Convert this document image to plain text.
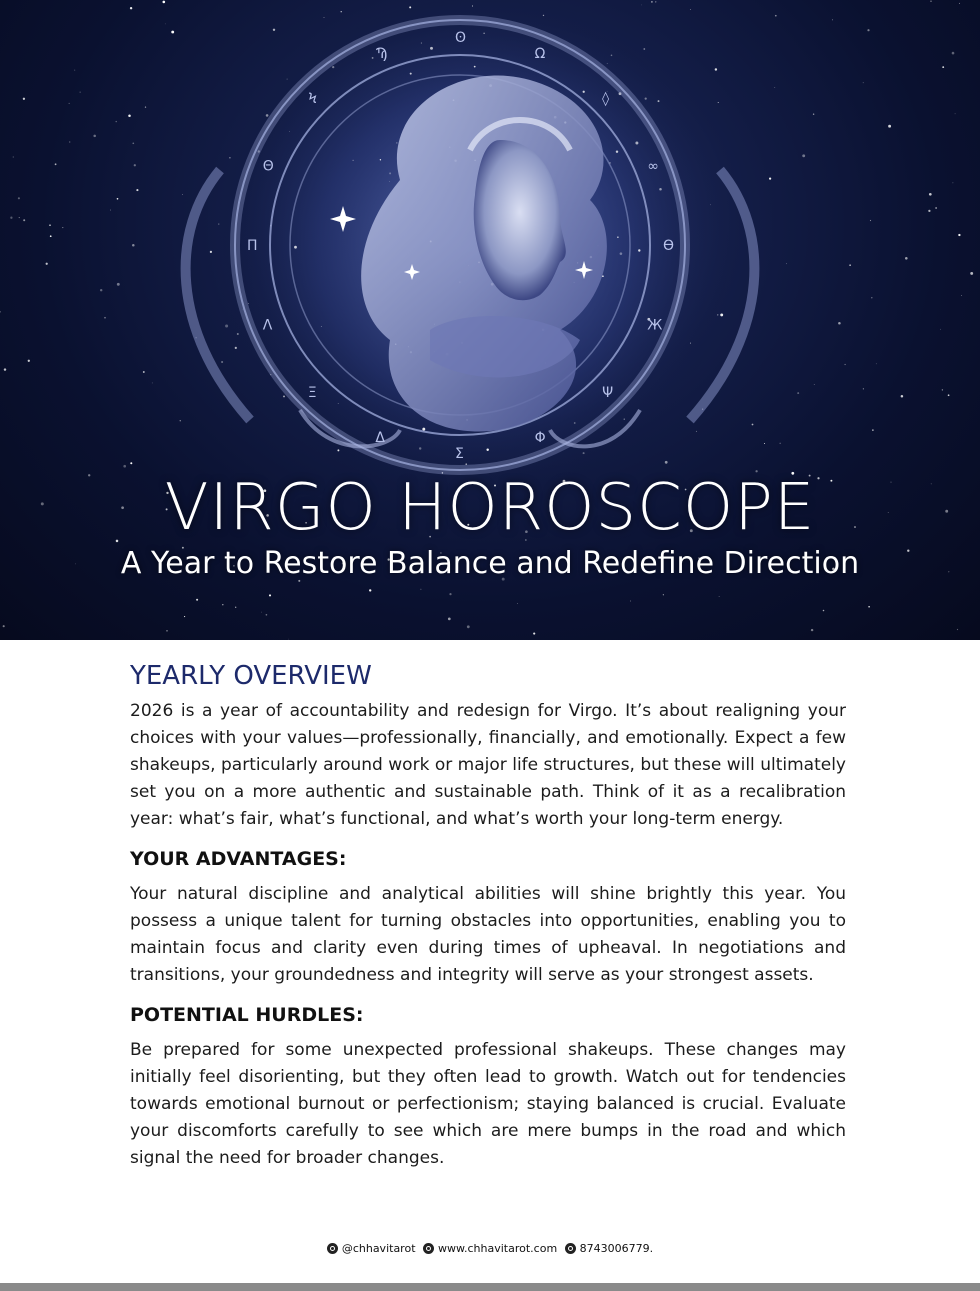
ʘ
Ω
◊
∞
ϴ
Ж
Ψ
Φ
Σ
Δ
Ξ
Λ
Π
Θ
Ϟ
Ϡ
VIRGO HOROSCOPE
A Year to Restore Balance and Redefine Direction
YEARLY OVERVIEW

2026 is a year of accountability and redesign for Virgo. It’s about realigning your choices with your values—professionally, financially, and emotionally. Expect a few shakeups, particularly around work or major life structures, but these will ultimately set you on a more authentic and sustainable path. Think of it as a recalibration year: what’s fair, what’s functional, and what’s worth your long-term energy.

YOUR ADVANTAGES:

Your natural discipline and analytical abilities will shine brightly this year. You possess a unique talent for turning obstacles into opportunities, enabling you to maintain focus and clarity even during times of upheaval. In negotiations and transitions, your groundedness and integrity will serve as your strongest assets.

POTENTIAL HURDLES:

Be prepared for some unexpected professional shakeups. These changes may initially feel disorienting, but they often lead to growth. Watch out for tendencies towards emotional burnout or perfectionism; staying balanced is crucial. Evaluate your discomforts carefully to see which are mere bumps in the road and which signal the need for broader changes.

@chhavitarot
www.chhavitarot.com
8743006779.
